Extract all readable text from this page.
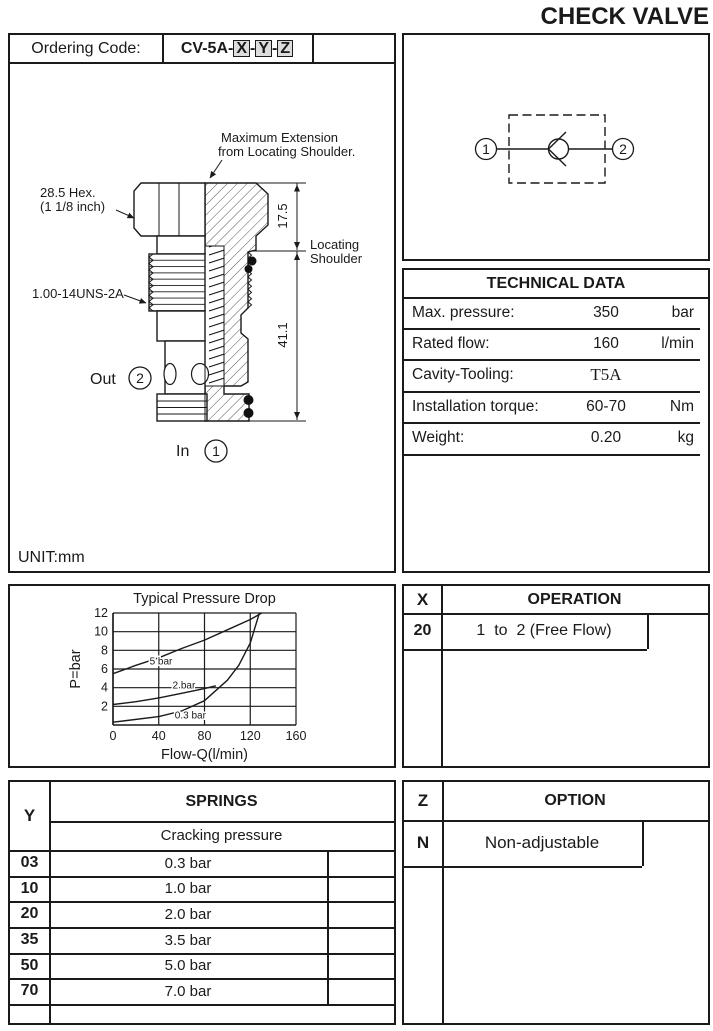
CHECK VALVE
Ordering Code:	CV-5A- X - Y - Z
Maximum Extension
from Locating Shoulder.
28.5 Hex.
(1 1/8 inch)
1.00-14UNS-2A
Locating
Shoulder
17.5
41.1
Out
In
UNIT:mm
2
1
1	2
TECHNICAL DATA
Max. pressure:	350	bar
Rated flow:	160	l/min
Cavity-Tooling:	T5A
Installation torque:	60-70	Nm
Weight:	0.20	kg
2
4
6
8
10
12
0	40	80 120 160
5 bar
2 bar
0.3 bar
Typical Pressure Drop
Flow-Q(l/min)
P=bar
X	OPERATION
20	1  to  2 (Free Flow)
Y
SPRINGS
Cracking pressure
03	0.3 bar
10	1.0 bar
20	2.0 bar
35	3.5 bar
50	5.0 bar
70	7.0 bar
Z	OPTION
N	Non-adjustable
